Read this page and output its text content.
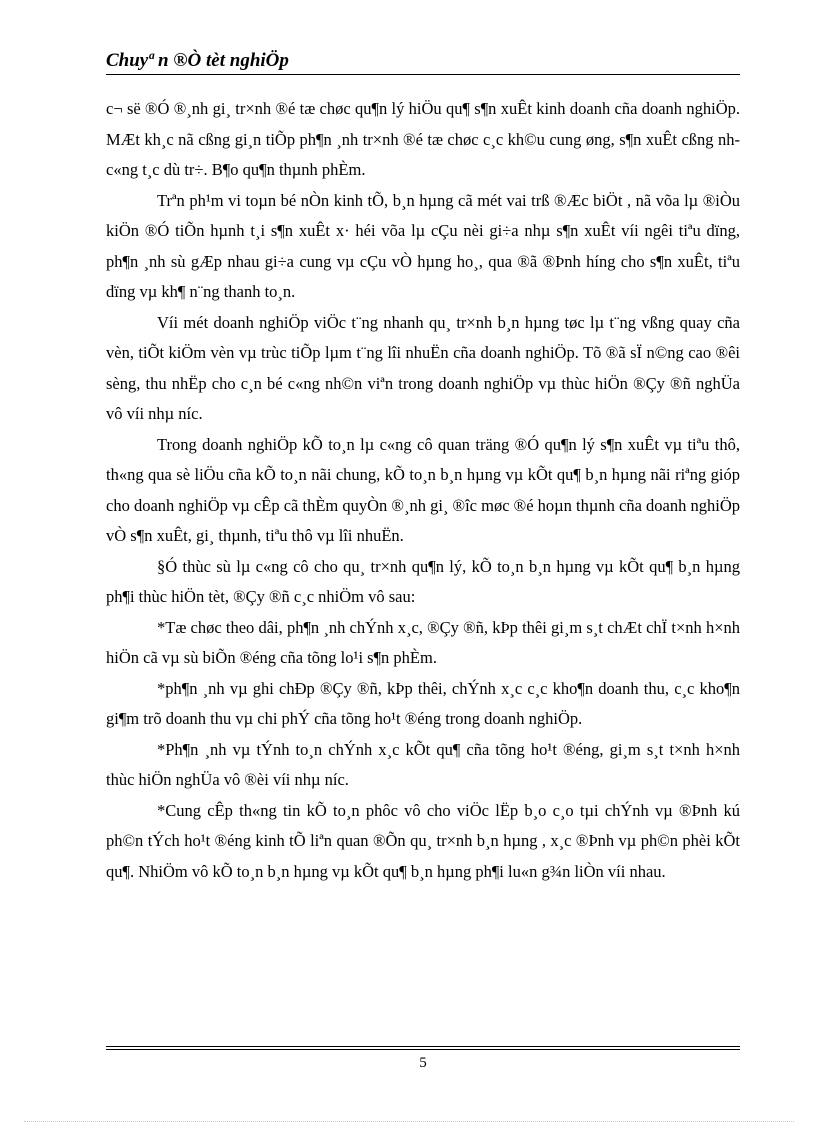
Chuyª n ®Ò tèt nghiÖp

c¬ së ®Ó ®¸nh gi¸ tr×nh ®é tæ chøc qu¶n lý hiÖu qu¶ s¶n xuÊt kinh doanh cña doanh nghiÖp. MÆt kh¸c nã cßng gi¸n tiÕp ph¶n ¸nh tr×nh ®é tæ chøc c¸c kh©u cung øng, s¶n xuÊt cßng nh c«ng t¸c dù tr÷. B¶o qu¶n thµnh phÈm.

Trªn ph¹m vi toµn bé nÒn kinh tÕ, b¸n hµng cã mét vai trß ®Æc biÖt , nã võa lµ ®iÒu kiÖn ®Ó tiÕn hµnh t¸i s¶n xuÊt x· héi võa lµ cÇu nèi gi÷a nhµ s¶n xuÊt víi ngêi tiªu dïng, ph¶n ¸nh sù gÆp nhau gi÷a cung vµ cÇu vÒ hµng ho¸, qua ®ã ®Þnh híng cho s¶n xuÊt, tiªu dïng vµ kh¶ n¨ng thanh to¸n.

Víi mét doanh nghiÖp viÖc t¨ng nhanh qu¸ tr×nh b¸n hµng tøc lµ t¨ng vßng quay cña vèn, tiÕt kiÖm vèn vµ trùc tiÕp lµm t¨ng lîi nhuËn cña doanh nghiÖp. Tõ ®ã sÏ n©ng cao ®êi sèng, thu nhËp cho c¸n bé c«ng nh©n viªn trong doanh nghiÖp vµ thùc hiÖn ®Çy ®ñ nghÜa vô víi nhµ níc.

Trong doanh nghiÖp kÕ to¸n lµ c«ng cô quan träng ®Ó qu¶n lý s¶n xuÊt vµ tiªu thô, th«ng qua sè liÖu cña kÕ to¸n nãi chung, kÕ to¸n b¸n hµng vµ kÕt qu¶ b¸n hµng nãi riªng gióp cho doanh nghiÖp vµ cÊp cã thÈm quyÒn ®¸nh gi¸ ®îc møc ®é hoµn thµnh cña doanh nghiÖp vÒ s¶n xuÊt, gi¸ thµnh, tiªu thô vµ lîi nhuËn.

§Ó thùc sù lµ c«ng cô cho qu¸ tr×nh qu¶n lý, kÕ to¸n b¸n hµng vµ kÕt qu¶ b¸n hµng ph¶i thùc hiÖn tèt, ®Çy ®ñ c¸c nhiÖm vô sau:

*Tæ chøc theo dâi, ph¶n ¸nh chÝnh x¸c, ®Çy ®ñ, kÞp thêi gi¸m s¸t chÆt chÏ t×nh h×nh hiÖn cã vµ sù biÕn ®éng cña tõng lo¹i s¶n phÈm.

*ph¶n ¸nh vµ ghi chÐp ®Çy ®ñ, kÞp thêi, chÝnh x¸c c¸c kho¶n doanh thu, c¸c kho¶n gi¶m trõ doanh thu vµ chi phÝ cña tõng ho¹t ®éng trong doanh nghiÖp.

*Ph¶n ¸nh vµ tÝnh to¸n chÝnh x¸c kÕt qu¶ cña tõng ho¹t ®éng, gi¸m s¸t t×nh h×nh thùc hiÖn nghÜa vô ®èi víi nhµ níc.

*Cung cÊp th«ng tin kÕ to¸n phôc vô cho viÖc lËp b¸o c¸o tµi chÝnh vµ ®Þnh kú ph©n tÝch ho¹t ®éng kinh tÕ liªn quan ®Õn qu¸ tr×nh b¸n hµng , x¸c ®Þnh vµ ph©n phèi kÕt qu¶. NhiÖm vô kÕ to¸n b¸n hµng vµ kÕt qu¶ b¸n hµng ph¶i lu«n g¾n liÒn víi nhau.

5
